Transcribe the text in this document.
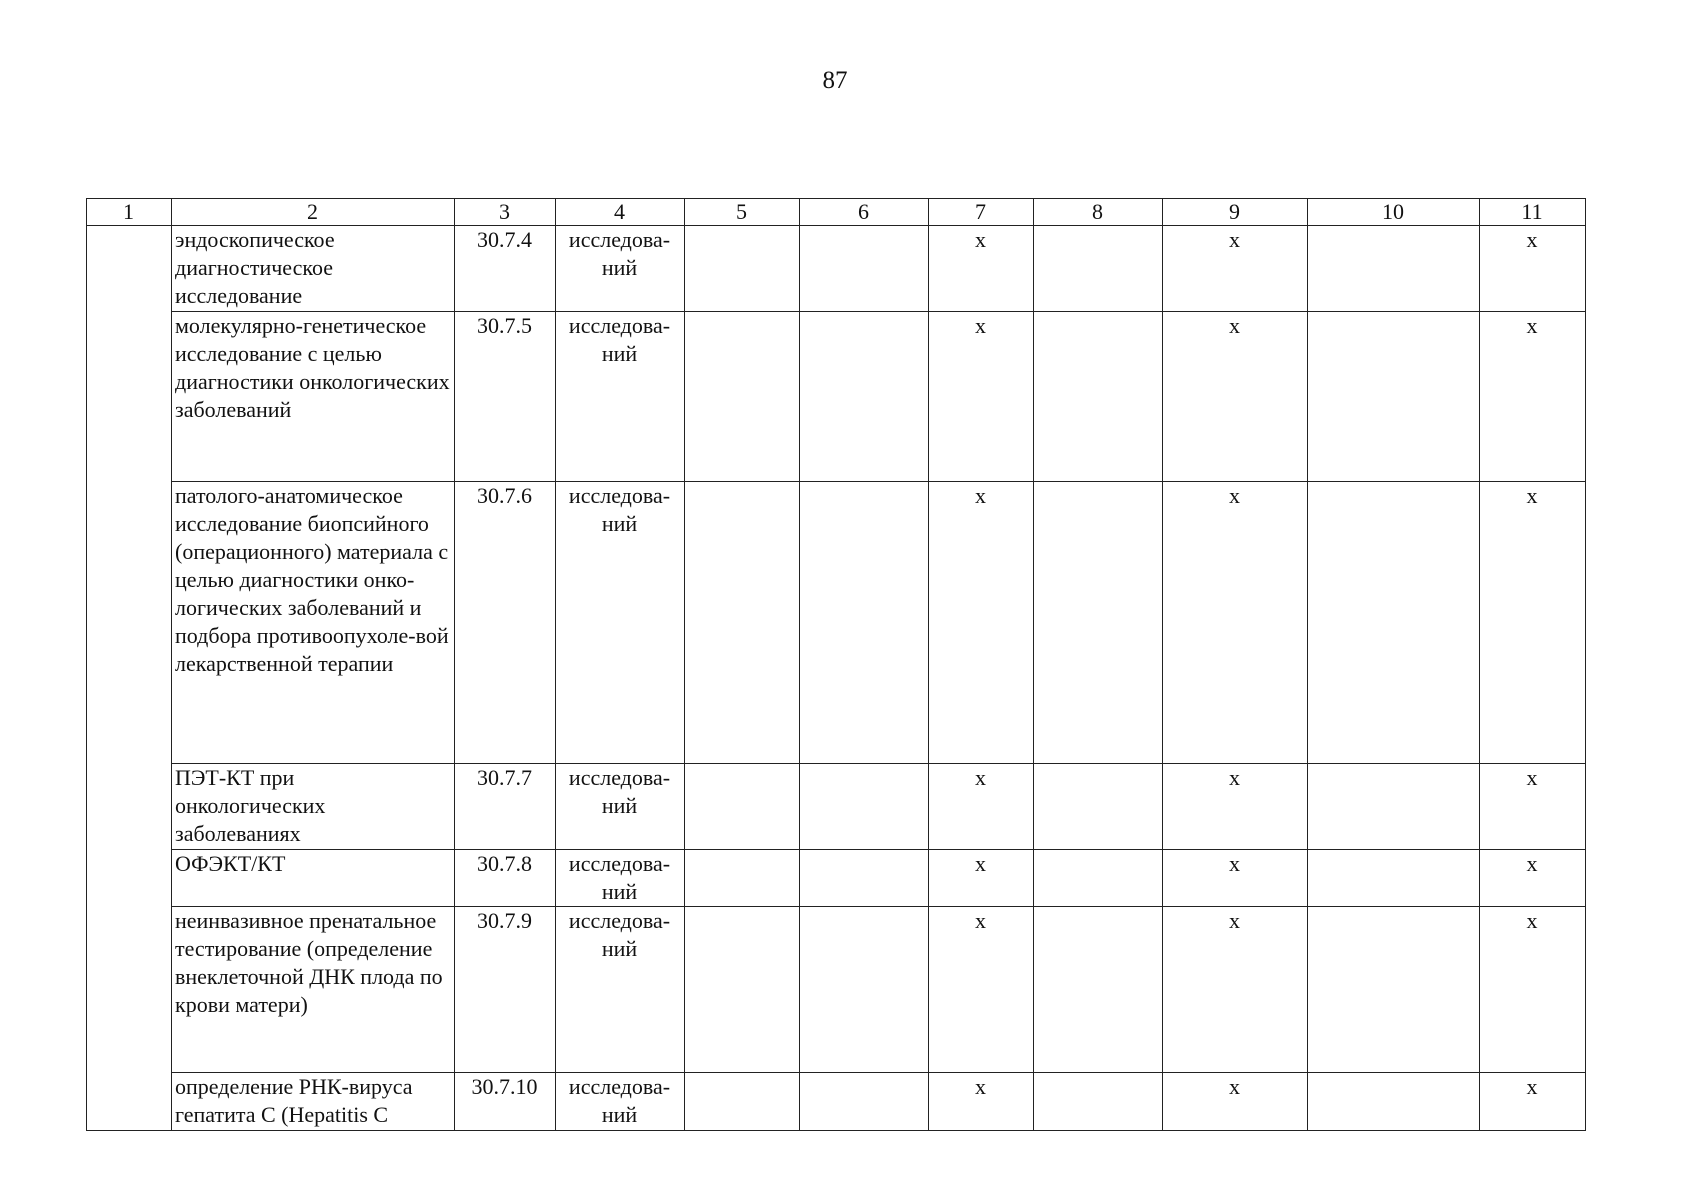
87
1	2	3	4	5	6	7	8	9	10	11
	эндоскопическое диагностическое исследование	30.7.4	исследова-ний			х		х		х
	молекулярно-генетическое исследование с целью диагностики онкологических заболеваний	30.7.5	исследова-ний			х		х		х
	патолого-анатомическое исследование биопсийного (операционного) материала с целью диагностики онко-логических заболеваний и подбора противоопухоле-вой лекарственной терапии	30.7.6	исследова-ний			х		х		х
	ПЭТ-КТ при онкологических заболеваниях	30.7.7	исследова-ний			х		х		х
	ОФЭКТ/КТ	30.7.8	исследова-ний			х		х		х
	неинвазивное пренатальное тестирование (определение внеклеточной ДНК плода по крови матери)	30.7.9	исследова-ний			х		х		х
	определение РНК-вируса гепатита С (Hepatitis C	30.7.10	исследова-ний			х		х		х
